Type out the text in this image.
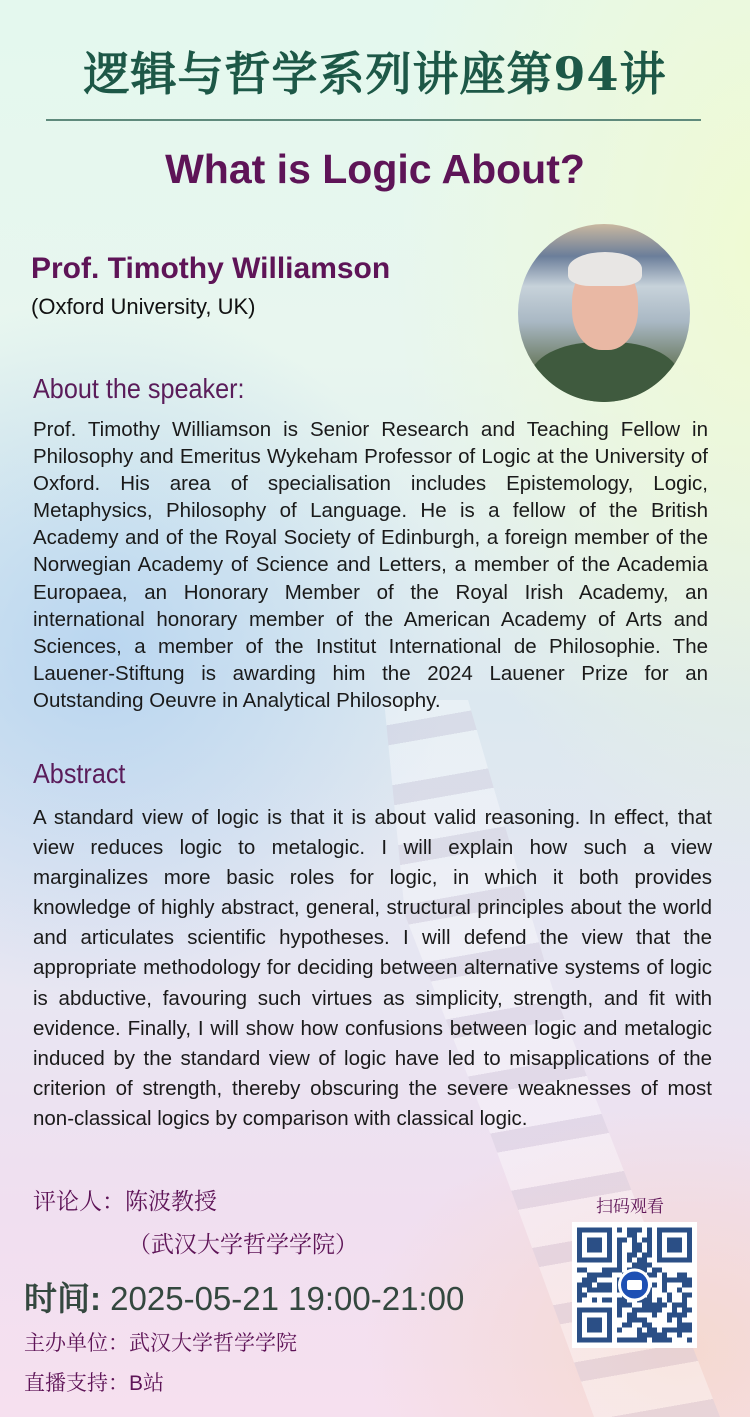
逻辑与哲学系列讲座第94讲
What is Logic About?
Prof. Timothy Williamson
(Oxford University, UK)
About the speaker:
Prof. Timothy Williamson is Senior Research and Teaching Fellow in Philosophy and Emeritus Wykeham Professor of Logic at the University of Oxford. His area of specialisation includes Epistemology, Logic, Metaphysics, Philosophy of Language. He is a fellow of the British Academy and of the Royal Society of Edinburgh, a foreign member of the Norwegian Academy of Science and Letters, a member of the Academia Europaea, an Honorary Member of the Royal Irish Academy, an international honorary member of the American Academy of Arts and Sciences, a member of the Institut International de Philosophie. The Lauener-Stiftung is awarding him the 2024 Lauener Prize for an Outstanding Oeuvre in Analytical Philosophy.
Abstract
A standard view of logic is that it is about valid reasoning. In effect, that view reduces logic to metalogic. I will explain how such a view marginalizes more basic roles for logic, in which it both provides knowledge of highly abstract, general, structural principles about the world and articulates scientific hypotheses. I will defend the view that the appropriate methodology for deciding between alternative systems of logic is abductive, favouring such virtues as simplicity, strength, and fit with evidence. Finally, I will show how confusions between logic and metalogic induced by the standard view of logic have led to misapplications of the criterion of strength, thereby obscuring the severe weaknesses of most non-classical logics by comparison with classical logic.
评论人：陈波教授
（武汉大学哲学学院）
时间: 2025-05-21 19:00-21:00
主办单位：武汉大学哲学学院
直播支持：B站
扫码观看
